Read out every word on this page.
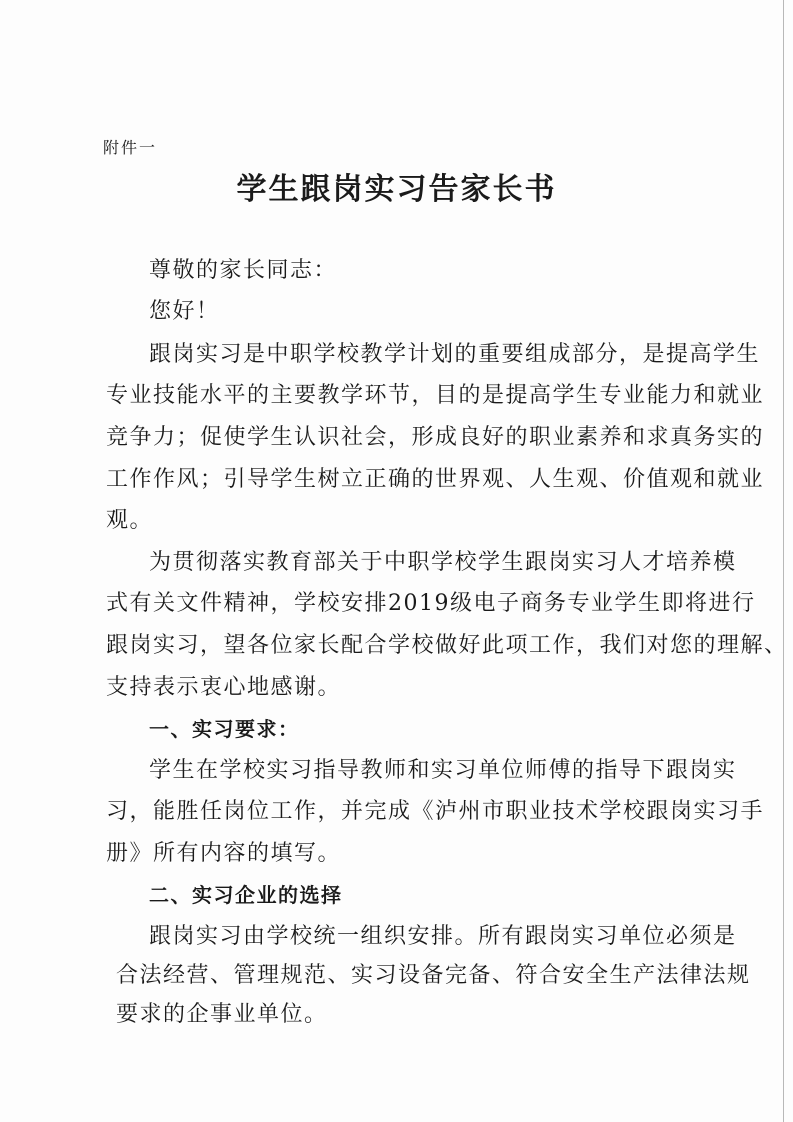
附件一
学生跟岗实习告家长书
尊敬的家长同志：
您好！
跟岗实习是中职学校教学计划的重要组成部分，是提高学生
专业技能水平的主要教学环节，目的是提高学生专业能力和就业
竞争力；促使学生认识社会，形成良好的职业素养和求真务实的
工作作风；引导学生树立正确的世界观、人生观、价值观和就业
观。
为贯彻落实教育部关于中职学校学生跟岗实习人才培养模
式有关文件精神，学校安排2019级电子商务专业学生即将进行
跟岗实习，望各位家长配合学校做好此项工作，我们对您的理解、
支持表示衷心地感谢。
一、实习要求：
学生在学校实习指导教师和实习单位师傅的指导下跟岗实
习，能胜任岗位工作，并完成《泸州市职业技术学校跟岗实习手
册》所有内容的填写。
二、实习企业的选择
跟岗实习由学校统一组织安排。所有跟岗实习单位必须是
合法经营、管理规范、实习设备完备、符合安全生产法律法规
要求的企事业单位。
